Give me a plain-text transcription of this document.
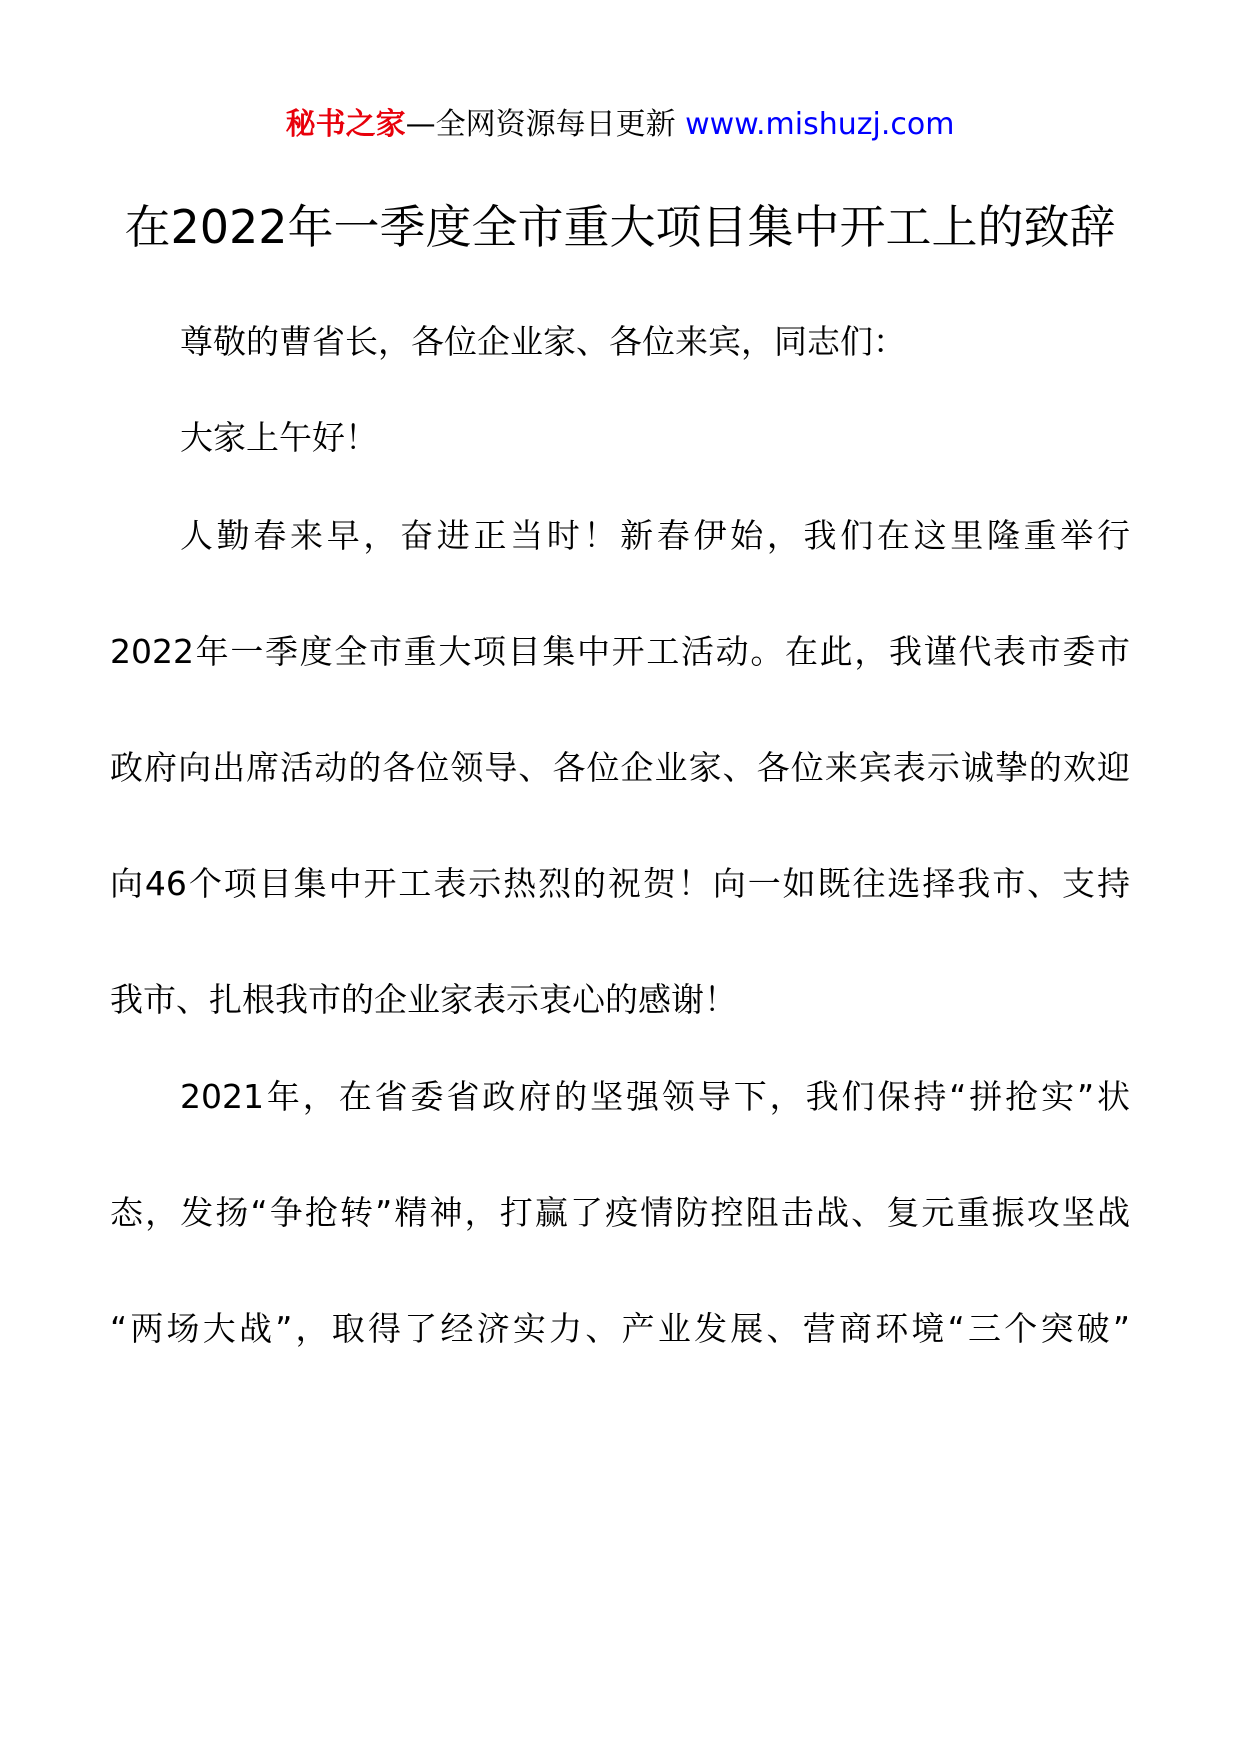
秘书之家—全网资源每日更新 www.mishuzj.com
在2022年一季度全市重大项目集中开工上的致辞
尊敬的曹省长，各位企业家、各位来宾，同志们：
大家上午好！
人勤春来早，奋进正当时！新春伊始，我们在这里隆重举行
2022年一季度全市重大项目集中开工活动。在此，我谨代表市委市
政府向出席活动的各位领导、各位企业家、各位来宾表示诚挚的欢迎
向46个项目集中开工表示热烈的祝贺！向一如既往选择我市、支持
我市、扎根我市的企业家表示衷心的感谢！
2021年，在省委省政府的坚强领导下，我们保持“拼抢实”状
态，发扬“争抢转”精神，打赢了疫情防控阻击战、复元重振攻坚战
“两场大战”，取得了经济实力、产业发展、营商环境“三个突破”
